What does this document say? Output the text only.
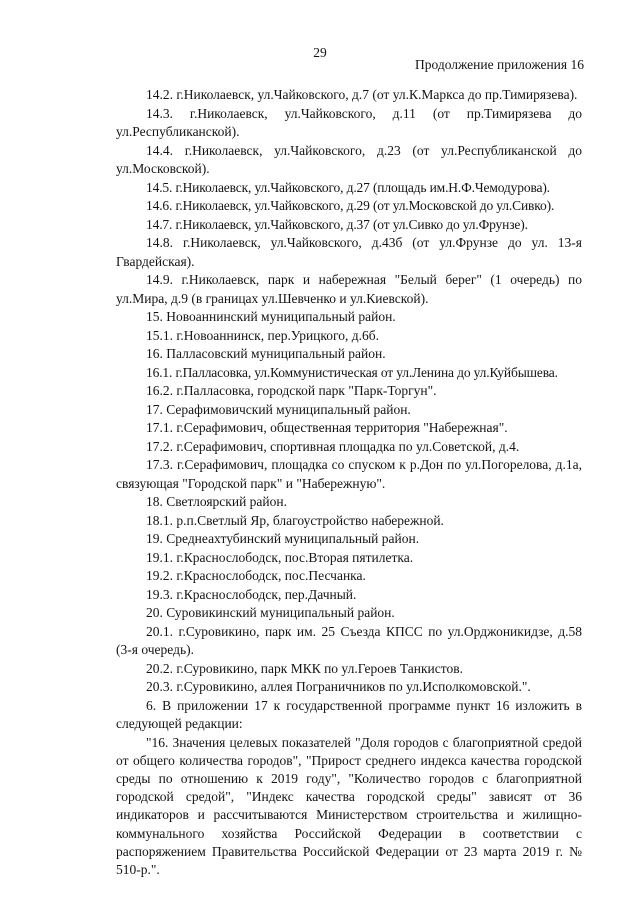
29
Продолжение приложения 16

14.2. г.Николаевск, ул.Чайковского, д.7 (от ул.К.Маркса до пр.Тимирязева).

14.3. г.Николаевск, ул.Чайковского, д.11 (от пр.Тимирязева до ул.Республиканской).

14.4. г.Николаевск, ул.Чайковского, д.23 (от ул.Республиканской до ул.Московской).

14.5. г.Николаевск, ул.Чайковского, д.27 (площадь им.Н.Ф.Чемодурова).

14.6. г.Николаевск, ул.Чайковского, д.29 (от ул.Московской до ул.Сивко).

14.7. г.Николаевск, ул.Чайковского, д.37 (от ул.Сивко до ул.Фрунзе).

14.8. г.Николаевск, ул.Чайковского, д.43б (от ул.Фрунзе до ул. 13-я Гвардейская).

14.9. г.Николаевск, парк и набережная "Белый берег" (1 очередь) по ул.Мира, д.9 (в границах ул.Шевченко и ул.Киевской).

15. Новоаннинский муниципальный район.

15.1. г.Новоаннинск, пер.Урицкого, д.6б.

16. Палласовский муниципальный район.

16.1. г.Палласовка, ул.Коммунистическая от ул.Ленина до ул.Куйбышева.

16.2. г.Палласовка, городской парк "Парк-Торгун".

17. Серафимовичский муниципальный район.

17.1. г.Серафимович, общественная территория "Набережная".

17.2. г.Серафимович, спортивная площадка по ул.Советской, д.4.

17.3. г.Серафимович, площадка со спуском к р.Дон по ул.Погорелова, д.1а, связующая "Городской парк" и "Набережную".

18. Светлоярский район.

18.1. р.п.Светлый Яр, благоустройство набережной.

19. Среднеахтубинский муниципальный район.

19.1. г.Краснослободск, пос.Вторая пятилетка.

19.2. г.Краснослободск, пос.Песчанка.

19.3. г.Краснослободск, пер.Дачный.

20. Суровикинский муниципальный район.

20.1. г.Суровикино, парк им. 25 Съезда КПСС по ул.Орджоникидзе, д.58 (3-я очередь).

20.2. г.Суровикино, парк МКК по ул.Героев Танкистов.

20.3. г.Суровикино, аллея Пограничников по ул.Исполкомовской.".

6. В приложении 17 к государственной программе пункт 16 изложить в следующей редакции:

"16. Значения целевых показателей "Доля городов с благоприятной средой от общего количества городов", "Прирост среднего индекса качества городской среды по отношению к 2019 году", "Количество городов с благоприятной городской средой", "Индекс качества городской среды" зависят от 36 индикаторов и рассчитываются Министерством строительства и жилищно-коммунального хозяйства Российской Федерации в соответствии с распоряжением Правительства Российской Федерации от 23 марта 2019 г. № 510-р.".
